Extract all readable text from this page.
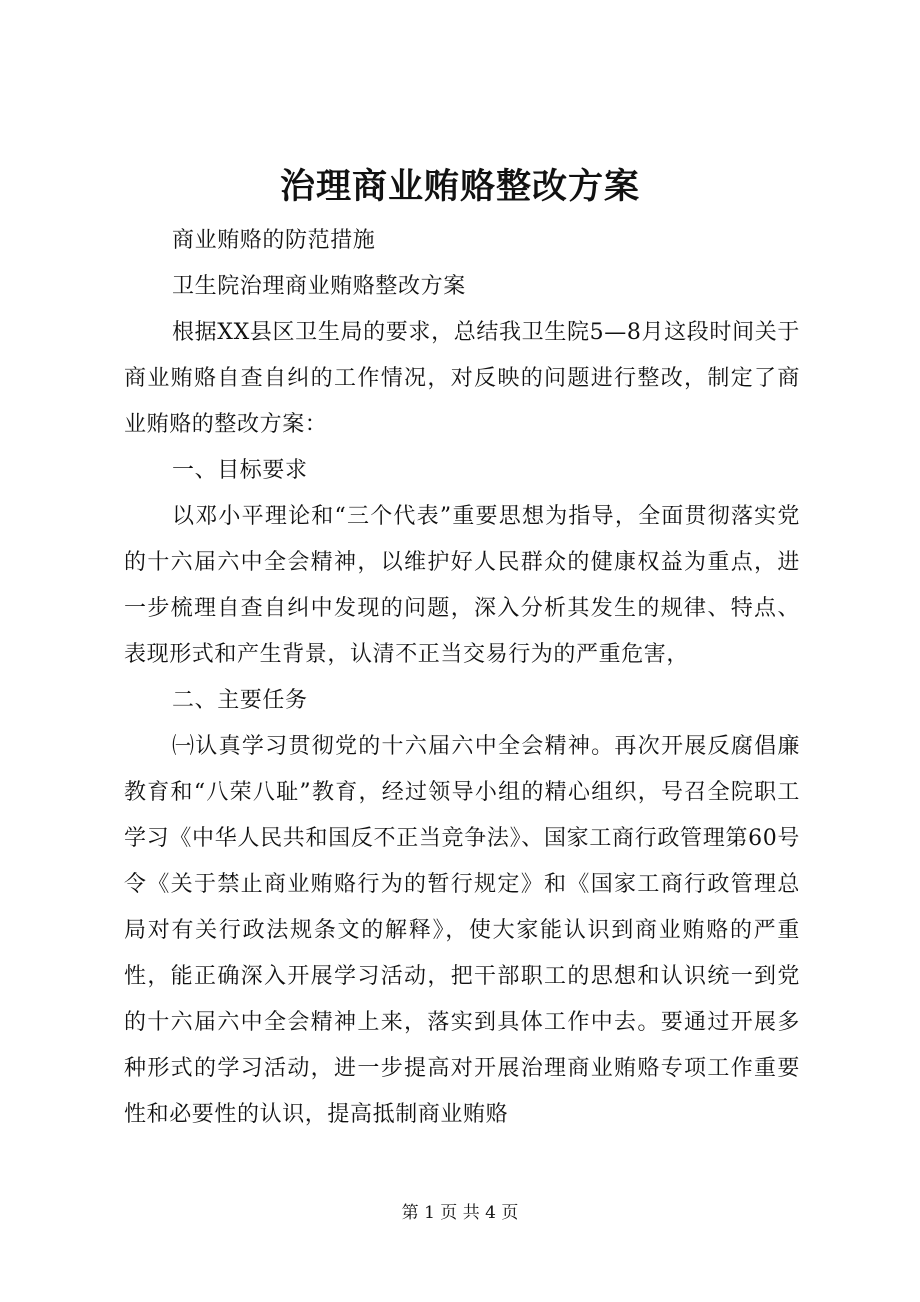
治理商业贿赂整改方案

商业贿赂的防范措施

卫生院治理商业贿赂整改方案

根据XX县区卫生局的要求，总结我卫生院5—8月这段时间关于商业贿赂自查自纠的工作情况，对反映的问题进行整改，制定了商业贿赂的整改方案：

一、目标要求

以邓小平理论和“三个代表”重要思想为指导，全面贯彻落实党的十六届六中全会精神，以维护好人民群众的健康权益为重点，进一步梳理自查自纠中发现的问题，深入分析其发生的规律、特点、表现形式和产生背景，认清不正当交易行为的严重危害，

二、主要任务

㈠认真学习贯彻党的十六届六中全会精神。再次开展反腐倡廉教育和“八荣八耻”教育，经过领导小组的精心组织，号召全院职工学习《中华人民共和国反不正当竞争法》、国家工商行政管理第60号令《关于禁止商业贿赂行为的暂行规定》和《国家工商行政管理总局对有关行政法规条文的解释》，使大家能认识到商业贿赂的严重性，能正确深入开展学习活动，把干部职工的思想和认识统一到党的十六届六中全会精神上来，落实到具体工作中去。要通过开展多种形式的学习活动，进一步提高对开展治理商业贿赂专项工作重要性和必要性的认识，提高抵制商业贿赂

第 1 页 共 4 页
